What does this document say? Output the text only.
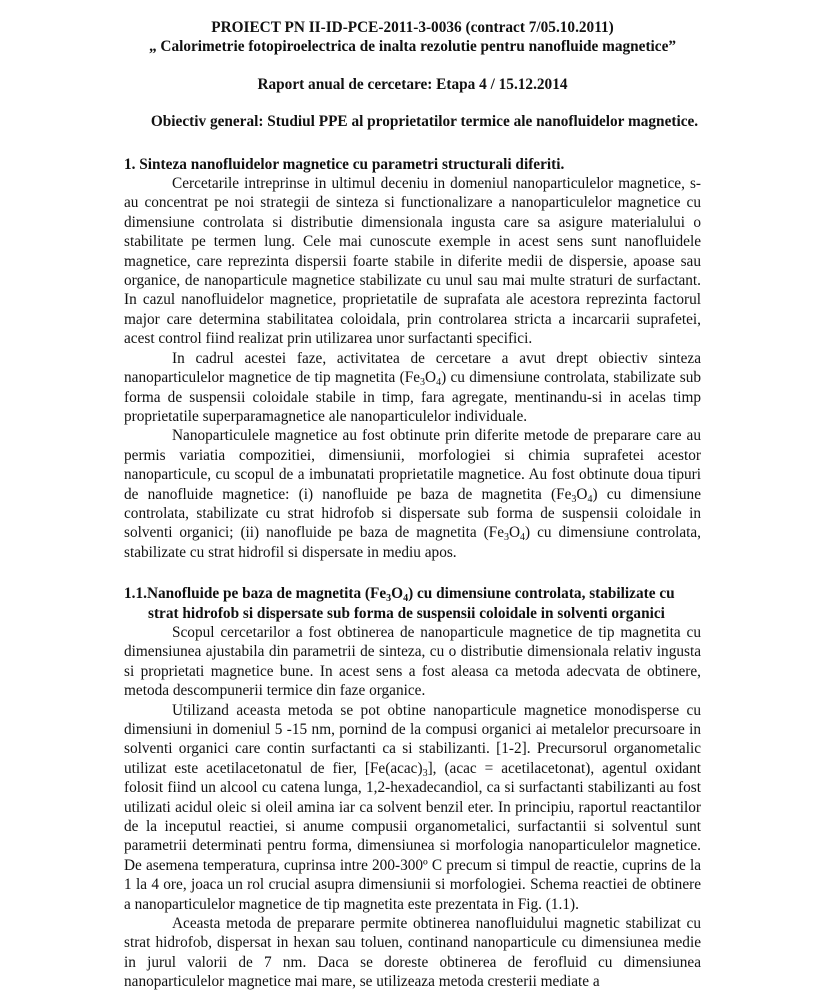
PROIECT PN II-ID-PCE-2011-3-0036 (contract 7/05.10.2011)
„ Calorimetrie fotopiroelectrica de inalta rezolutie pentru nanofluide magnetice”
Raport anual de cercetare: Etapa 4 / 15.12.2014
Obiectiv general: Studiul PPE al proprietatilor termice ale nanofluidelor magnetice.
1. Sinteza nanofluidelor magnetice cu parametri structurali diferiti.

Cercetarile intreprinse in ultimul deceniu in domeniul nanoparticulelor magnetice, s-au concentrat pe noi strategii de sinteza si functionalizare a nanoparticulelor magnetice cu dimensiune controlata si distributie dimensionala ingusta care sa asigure materialului o stabilitate pe termen lung. Cele mai cunoscute exemple in acest sens sunt nanofluidele magnetice, care reprezinta dispersii foarte stabile in diferite medii de dispersie, apoase sau organice, de nanoparticule magnetice stabilizate cu unul sau mai multe straturi de surfactant. In cazul nanofluidelor magnetice, proprietatile de suprafata ale acestora reprezinta factorul major care determina stabilitatea coloidala, prin controlarea stricta a incarcarii suprafetei, acest control fiind realizat prin utilizarea unor surfactanti specifici.

In cadrul acestei faze, activitatea de cercetare a avut drept obiectiv sinteza nanoparticulelor magnetice de tip magnetita $(Fe_3O_4)$ cu dimensiune controlata, stabilizate sub forma de suspensii coloidale stabile in timp, fara agregate, mentinandu-si in acelas timp proprietatile superparamagnetice ale nanoparticulelor individuale.

Nanoparticulele magnetice au fost obtinute prin diferite metode de preparare care au permis variatia compozitiei, dimensiunii, morfologiei si chimia suprafetei acestor nanoparticule, cu scopul de a imbunatati proprietatile magnetice. Au fost obtinute doua tipuri de nanofluide magnetice: (i) nanofluide pe baza de magnetita $(Fe_3O_4)$ cu dimensiune controlata, stabilizate cu strat hidrofob si dispersate sub forma de suspensii coloidale in solventi organici; (ii) nanofluide pe baza de magnetita $(Fe_3O_4)$ cu dimensiune controlata, stabilizate cu strat hidrofil si dispersate in mediu apos.

1.1.Nanofluide pe baza de magnetita $(Fe_3O_4)$ cu dimensiune controlata, stabilizate cu
strat hidrofob si dispersate sub forma de suspensii coloidale in solventi organici

Scopul cercetarilor a fost obtinerea de nanoparticule magnetice de tip magnetita cu dimensiunea ajustabila din parametrii de sinteza, cu o distributie dimensionala relativ ingusta si proprietati magnetice bune. In acest sens a fost aleasa ca metoda adecvata de obtinere, metoda descompunerii termice din faze organice.

Utilizand aceasta metoda se pot obtine nanoparticule magnetice monodisperse cu dimensiuni in domeniul 5 -15 nm, pornind de la compusi organici ai metalelor precursoare in solventi organici care contin surfactanti ca si stabilizanti. [1-2]. Precursorul organometalic utilizat este acetilacetonatul de fier, $[Fe(acac)_3]$, (acac = acetilacetonat), agentul oxidant folosit fiind un alcool cu catena lunga, 1,2-hexadecandiol, ca si surfactanti stabilizanti au fost utilizati acidul oleic si oleil amina iar ca solvent benzil eter. In principiu, raportul reactantilor de la inceputul reactiei, si anume compusii organometalici, surfactantii si solventul sunt parametrii determinati pentru forma, dimensiunea si morfologia nanoparticulelor magnetice. De asemena temperatura, cuprinsa intre 200-300º C precum si timpul de reactie, cuprins de la 1 la 4 ore, joaca un rol crucial asupra dimensiunii si morfologiei. Schema reactiei de obtinere a nanoparticulelor magnetice de tip magnetita este prezentata in Fig. (1.1).

Aceasta metoda de preparare permite obtinerea nanofluidului magnetic stabilizat cu strat hidrofob, dispersat in hexan sau toluen, continand nanoparticule cu dimensiunea medie in jurul valorii de 7 nm. Daca se doreste obtinerea de ferofluid cu dimensiunea nanoparticulelor magnetice mai mare, se utilizeaza metoda cresterii mediate a
